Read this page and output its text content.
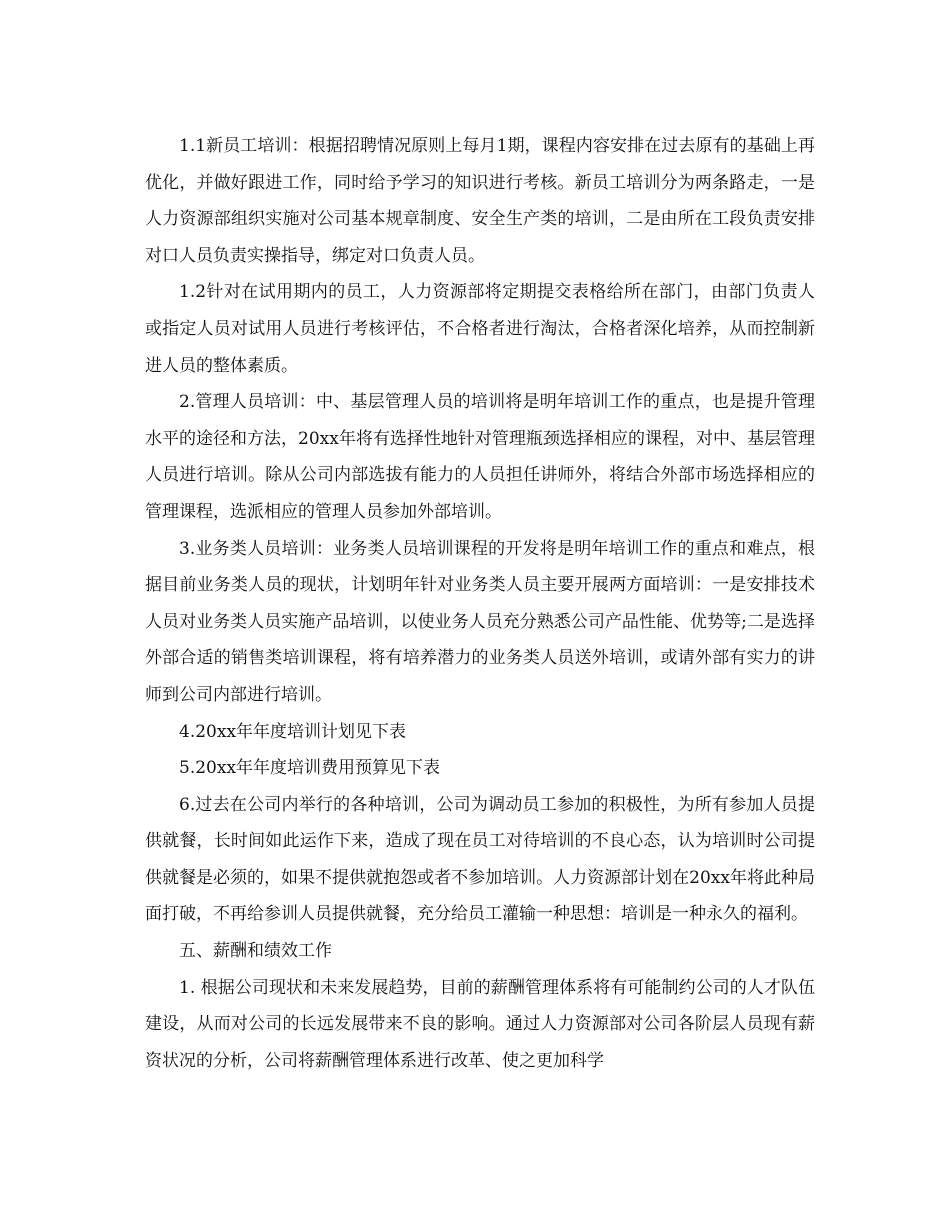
1.1新员工培训：根据招聘情况原则上每月1期，课程内容安排在过去原有的基础上再优化，并做好跟进工作，同时给予学习的知识进行考核。新员工培训分为两条路走，一是人力资源部组织实施对公司基本规章制度、安全生产类的培训，二是由所在工段负责安排对口人员负责实操指导，绑定对口负责人员。

1.2针对在试用期内的员工，人力资源部将定期提交表格给所在部门，由部门负责人或指定人员对试用人员进行考核评估，不合格者进行淘汰，合格者深化培养，从而控制新进人员的整体素质。

2.管理人员培训：中、基层管理人员的培训将是明年培训工作的重点，也是提升管理水平的途径和方法，20xx年将有选择性地针对管理瓶颈选择相应的课程，对中、基层管理人员进行培训。除从公司内部选拔有能力的人员担任讲师外，将结合外部市场选择相应的管理课程，选派相应的管理人员参加外部培训。

3.业务类人员培训：业务类人员培训课程的开发将是明年培训工作的重点和难点，根据目前业务类人员的现状，计划明年针对业务类人员主要开展两方面培训：一是安排技术人员对业务类人员实施产品培训，以使业务人员充分熟悉公司产品性能、优势等;二是选择外部合适的销售类培训课程，将有培养潜力的业务类人员送外培训，或请外部有实力的讲师到公司内部进行培训。

4.20xx年年度培训计划见下表

5.20xx年年度培训费用预算见下表

6.过去在公司内举行的各种培训，公司为调动员工参加的积极性，为所有参加人员提供就餐，长时间如此运作下来，造成了现在员工对待培训的不良心态，认为培训时公司提供就餐是必须的，如果不提供就抱怨或者不参加培训。人力资源部计划在20xx年将此种局面打破，不再给参训人员提供就餐，充分给员工灌输一种思想：培训是一种永久的福利。

五、薪酬和绩效工作

1. 根据公司现状和未来发展趋势，目前的薪酬管理体系将有可能制约公司的人才队伍建设，从而对公司的长远发展带来不良的影响。通过人力资源部对公司各阶层人员现有薪资状况的分析，公司将薪酬管理体系进行改革、使之更加科学
